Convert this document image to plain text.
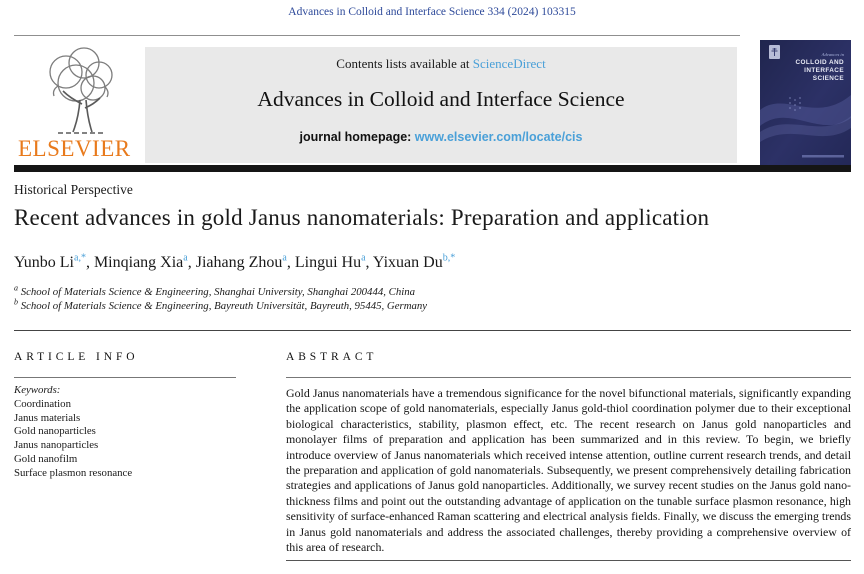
Advances in Colloid and Interface Science 334 (2024) 103315
ELSEVIER
Contents lists available at ScienceDirect
Advances in Colloid and Interface Science
journal homepage: www.elsevier.com/locate/cis
Advances in
COLLOID AND
INTERFACE
SCIENCE
Historical Perspective
Recent advances in gold Janus nanomaterials: Preparation and application
Yunbo $Li^{a,*}$, Minqiang Xia$^a$, Jiahang Zhou$^a$, Lingui Hu$^a$, Yixuan $Du^{b,*}$
$^a$ School of Materials Science & Engineering, Shanghai University, Shanghai 200444, China
$^b$ School of Materials Science & Engineering, Bayreuth Universität, Bayreuth, 95445, Germany
ARTICLE INFO
Keywords:
Coordination
Janus materials
Gold nanoparticles
Janus nanoparticles
Gold nanofilm
Surface plasmon resonance
ABSTRACT

Gold Janus nanomaterials have a tremendous significance for the novel bifunctional materials, significantly expanding the application scope of gold nanomaterials, especially Janus gold-thiol coordination polymer due to their exceptional biological characteristics, stability, plasmon effect, etc. The recent research on Janus gold nanoparticles and monolayer films of preparation and application has been summarized and in this review. To begin, we briefly introduce overview of Janus nanomaterials which received intense attention, outline current research trends, and detail the preparation and application of gold nanomaterials. Subsequently, we present comprehensively detailing fabrication strategies and applications of Janus gold nanoparticles. Additionally, we survey recent studies on the Janus gold nano-thickness films and point out the outstanding advantage of application on the tunable surface plasmon resonance, high sensitivity of surface-enhanced Raman scattering and electrical analysis fields. Finally, we discuss the emerging trends in Janus gold nanomaterials and address the associated challenges, thereby providing a comprehensive overview of this area of research.
